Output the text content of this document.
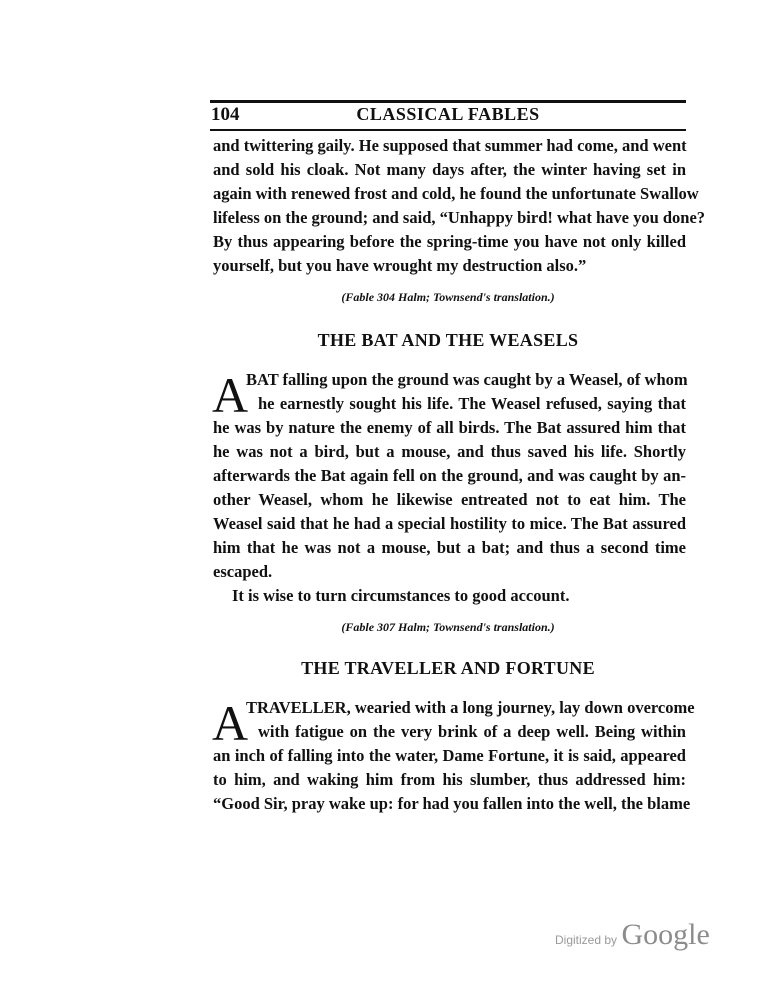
104	CLASSICAL FABLES
and twittering gaily. He supposed that summer had come, and went
and sold his cloak. Not many days after, the winter having set in
again with renewed frost and cold, he found the unfortunate Swallow
lifeless on the ground; and said, “Unhappy bird! what have you done?
By thus appearing before the spring-time you have not only killed
yourself, but you have wrought my destruction also.”
(Fable 304 Halm; Townsend's translation.)
THE BAT AND THE WEASELS
A
BAT falling upon the ground was caught by a Weasel, of whom
he earnestly sought his life. The Weasel refused, saying that
he was by nature the enemy of all birds. The Bat assured him that
he was not a bird, but a mouse, and thus saved his life. Shortly
afterwards the Bat again fell on the ground, and was caught by an-
other Weasel, whom he likewise entreated not to eat him. The
Weasel said that he had a special hostility to mice. The Bat assured
him that he was not a mouse, but a bat; and thus a second time
escaped.
It is wise to turn circumstances to good account.
(Fable 307 Halm; Townsend's translation.)
THE TRAVELLER AND FORTUNE
A
TRAVELLER, wearied with a long journey, lay down overcome
with fatigue on the very brink of a deep well. Being within
an inch of falling into the water, Dame Fortune, it is said, appeared
to him, and waking him from his slumber, thus addressed him:
“Good Sir, pray wake up: for had you fallen into the well, the blame
Digitized by Google
